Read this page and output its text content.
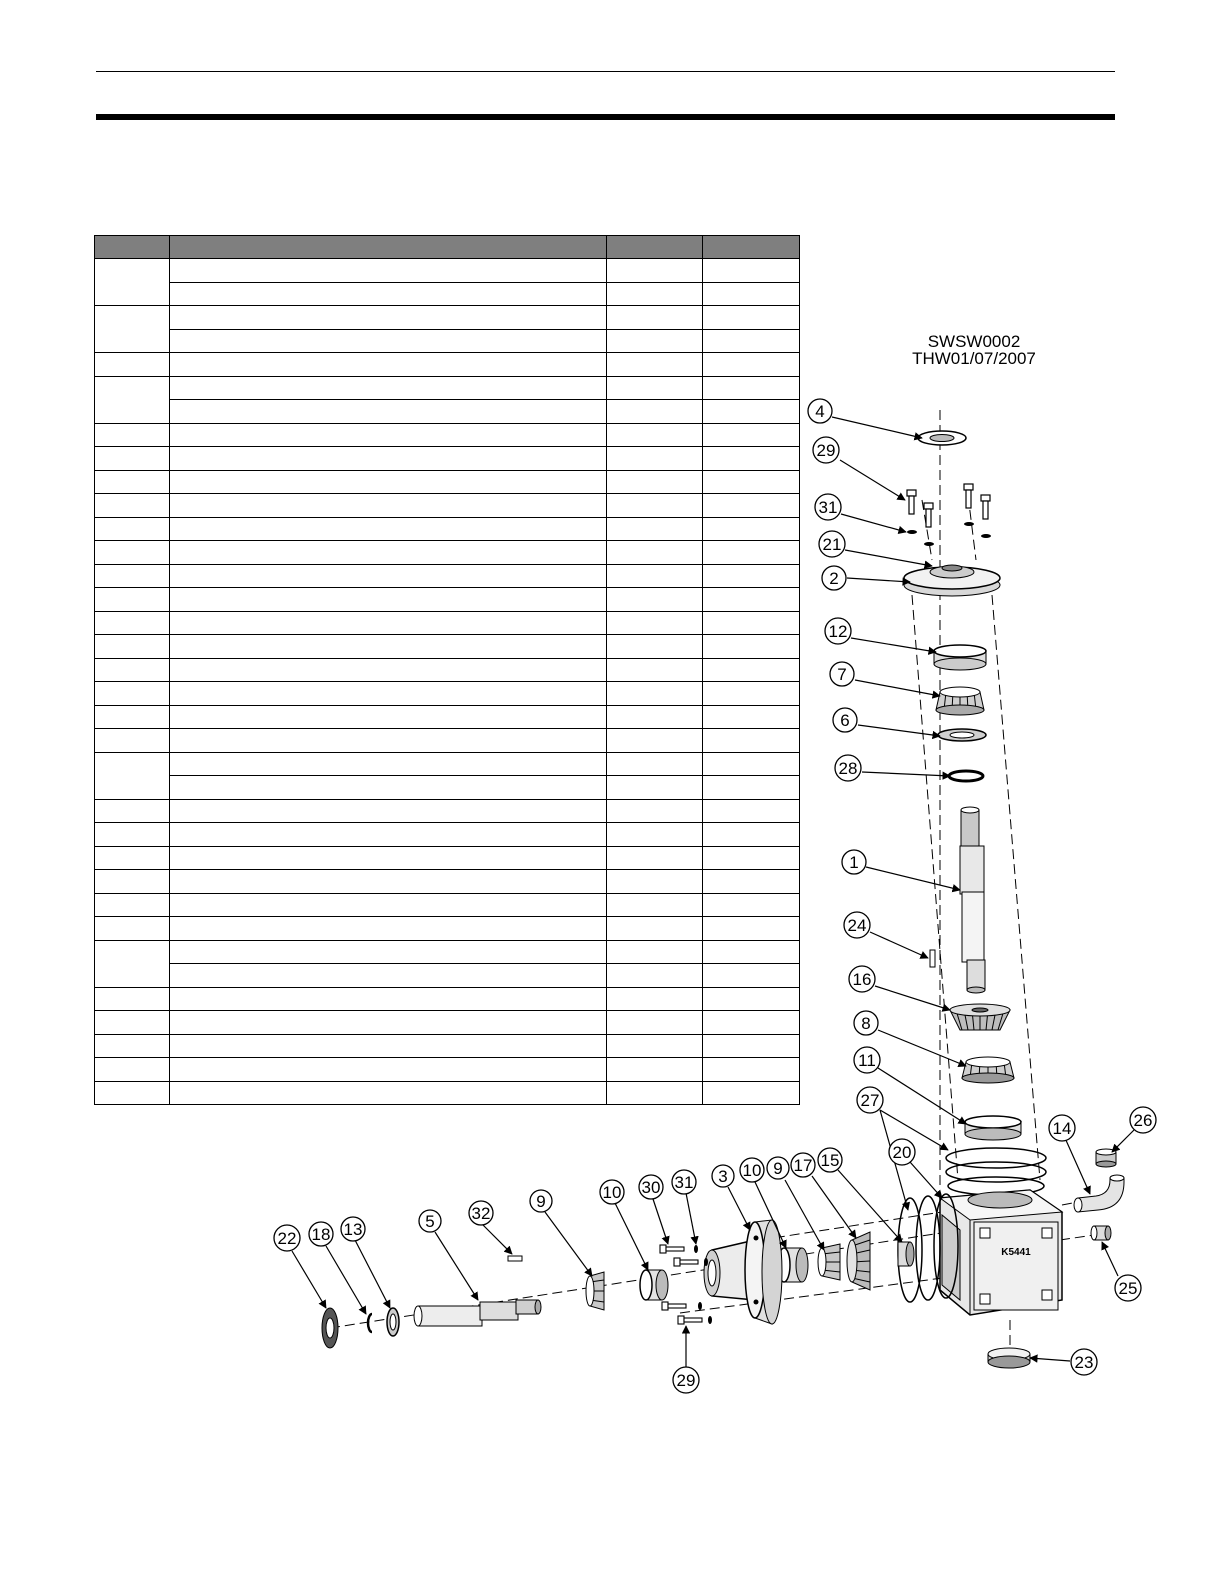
SWSW0002
THW01/07/2007
K5441
4
29
31
21
2
12
7
6
28
1
24
16
8
11
27
20
14	26
25
23
15
17
9
10
3
31
30
10
9
32
5
13
18
22
29
